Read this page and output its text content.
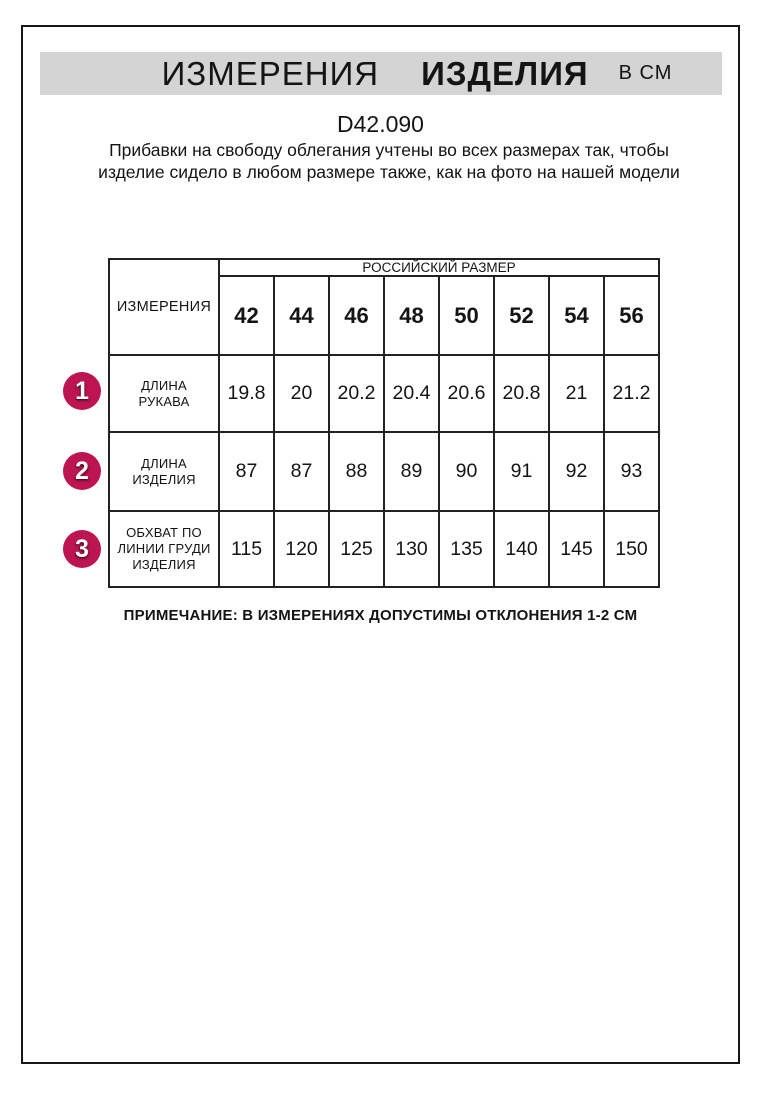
ИЗМЕРЕНИЯ ИЗДЕЛИЯ В СМ
D42.090
Прибавки на свободу облегания учтены во всех размерах так, чтобы изделие сидело в любом размере также, как на фото на нашей модели
ИЗМЕРЕНИЯ	РОССИЙСКИЙ РАЗМЕР							
	42	44	46	48	50	52	54	56
ДЛИНА РУКАВА	19.8	20	20.2	20.4	20.6	20.8	21	21.2
ДЛИНА ИЗДЕЛИЯ	87	87	88	89	90	91	92	93
ОБХВАТ ПО ЛИНИИ ГРУДИ ИЗДЕЛИЯ	115	120	125	130	135	140	145	150
1
2
3
ПРИМЕЧАНИЕ: В ИЗМЕРЕНИЯХ ДОПУСТИМЫ ОТКЛОНЕНИЯ 1-2 СМ
